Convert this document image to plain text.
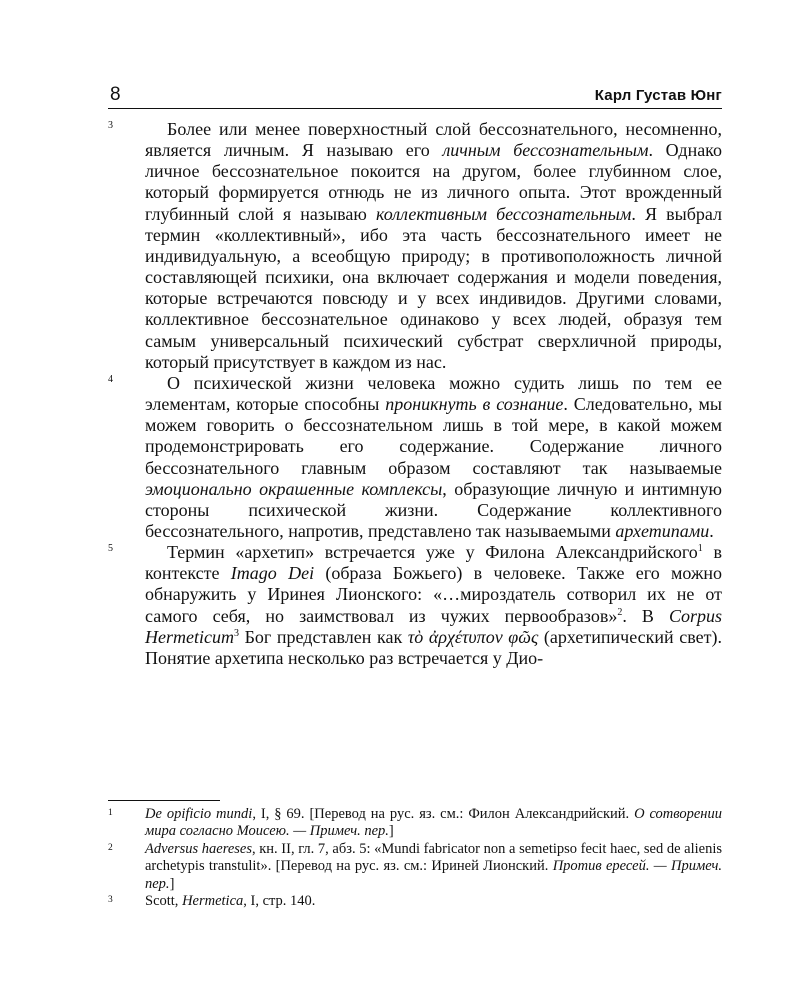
8	Карл Густав Юнг

3	Более или менее поверхностный слой бессознательного, несомненно, является личным. Я называю его личным бессознательным. Однако личное бессознательное покоится на другом, более глубинном слое, который формируется отнюдь не из личного опыта. Этот врожденный глубинный слой я называю коллективным бессознательным. Я выбрал термин «коллективный», ибо эта часть бессознательного имеет не индивидуальную, а всеобщую природу; в противоположность личной составляющей психики, она включает содержания и модели поведения, которые встречаются повсюду и у всех индивидов. Другими словами, коллективное бессознательное одинаково у всех людей, образуя тем самым универсальный психический субстрат сверхличной природы, который присутствует в каждом из нас.

4	О психической жизни человека можно судить лишь по тем ее элементам, которые способны проникнуть в сознание. Следовательно, мы можем говорить о бессознательном лишь в той мере, в какой можем продемонстрировать его содержание. Содержание личного бессознательного главным образом составляют так называемые эмоционально окрашенные комплексы, образующие личную и интимную стороны психической жизни. Содержание коллективного бессознательного, напротив, представлено так называемыми архетипами.

5	Термин «архетип» встречается уже у Филона Александрийского$^1$ в контексте Imago Dei (образа Божьего) в человеке. Также его можно обнаружить у Иринея Лионского: «…мироздатель сотворил их не от самого себя, но заимствовал из чужих первообразов»$^2$. В Corpus Hermeticum$^3$ Бог представлен как τὸ ἀρχέτυπον φῶς (архетипический свет). Понятие архетипа несколько раз встречается у Дио-

1 De opificio mundi, I, § 69. [Перевод на рус. яз. см.: Филон Александрийский. О сотворении мира согласно Моисею. — Примеч. пер.]

2 Adversus haereses, кн. II, гл. 7, абз. 5: «Mundi fabricator non a semetipso fecit haec, sed de alienis archetypis transtulit». [Перевод на рус. яз. см.: Ириней Лионский. Против ересей. — Примеч. пер.]

3 Scott, Hermetica, I, стр. 140.
